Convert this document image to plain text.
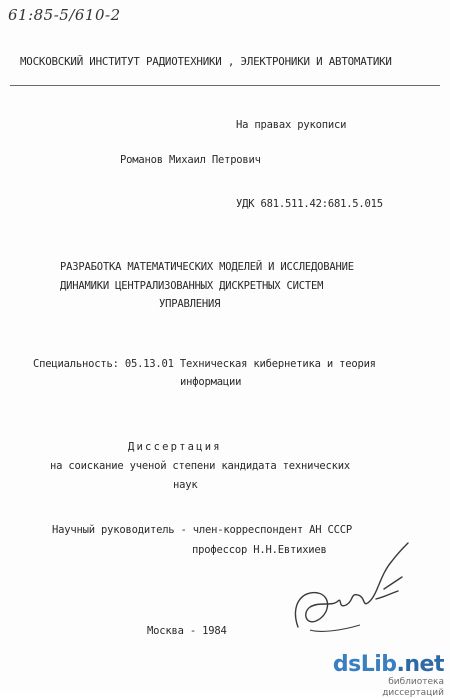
61:85-5/610-2
МОСКОВСКИЙ ИНСТИТУТ РАДИОТЕХНИКИ , ЭЛЕКТРОНИКИ И АВТОМАТИКИ
На правах рукописи
Романов Михаил Петрович
УДК 681.511.42:681.5.015
РАЗРАБОТКА МАТЕМАТИЧЕСКИХ МОДЕЛЕЙ И ИССЛЕДОВАНИЕ
ДИНАМИКИ ЦЕНТРАЛИЗОВАННЫХ ДИСКРЕТНЫХ СИСТЕМ
УПРАВЛЕНИЯ
Специальность: 05.13.01 Техническая кибернетика и теория
информации
Диссертация
на соискание ученой степени кандидата технических
наук
Научный руководитель - член-корреспондент АН СССР
профессор Н.Н.Евтихиев
Москва - 1984
dsLib.net
библиотека диссертаций
